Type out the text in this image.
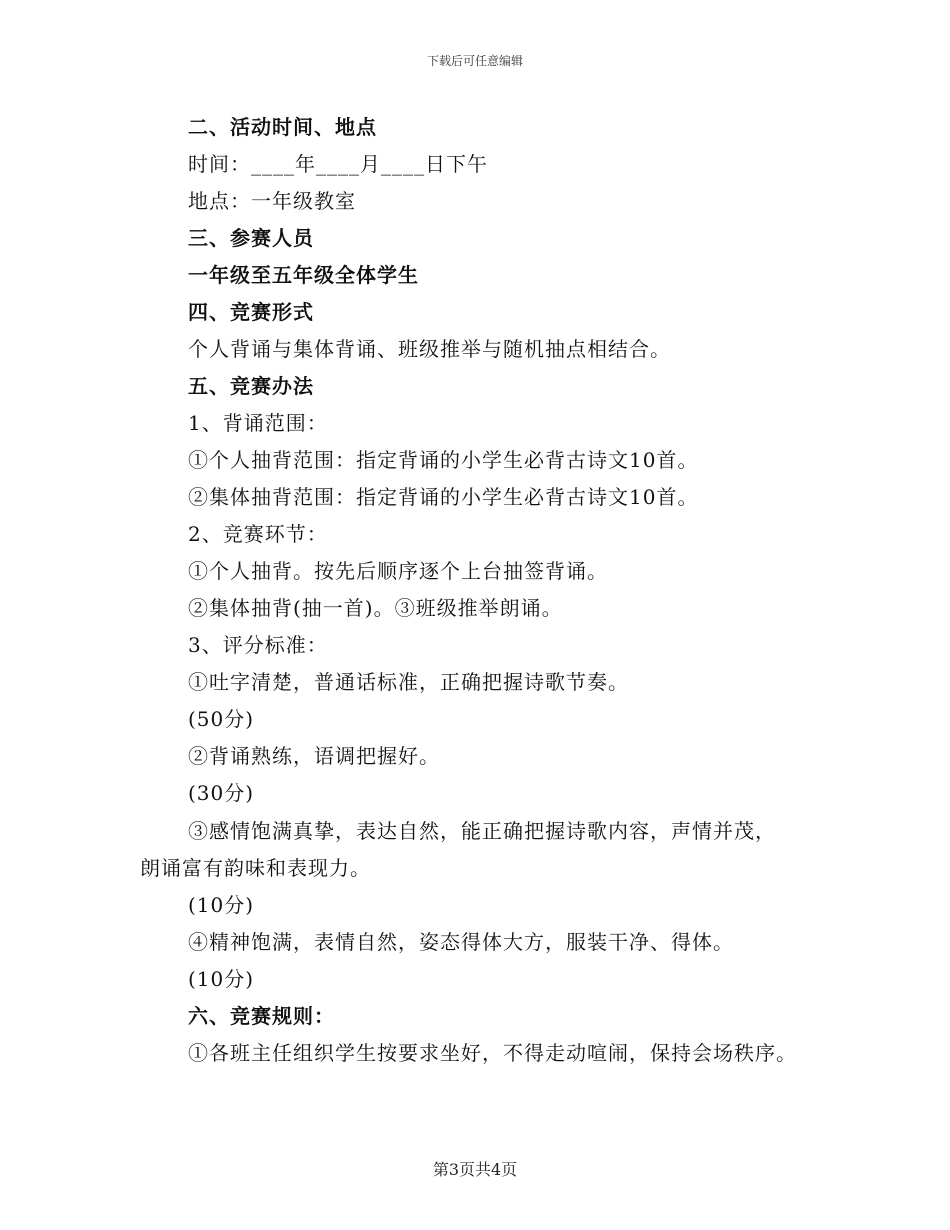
下载后可任意编辑
二、活动时间、地点
时间：____年____月____日下午
地点：一年级教室
三、参赛人员
一年级至五年级全体学生
四、竞赛形式
个人背诵与集体背诵、班级推举与随机抽点相结合。
五、竞赛办法
1、背诵范围：
①个人抽背范围：指定背诵的小学生必背古诗文10首。
②集体抽背范围：指定背诵的小学生必背古诗文10首。
2、竞赛环节：
①个人抽背。按先后顺序逐个上台抽签背诵。
②集体抽背(抽一首)。③班级推举朗诵。
3、评分标准：
①吐字清楚，普通话标准，正确把握诗歌节奏。
(50分)
②背诵熟练，语调把握好。
(30分)
③感情饱满真挚，表达自然，能正确把握诗歌内容，声情并茂，
朗诵富有韵味和表现力。
(10分)
④精神饱满，表情自然，姿态得体大方，服装干净、得体。
(10分)
六、竞赛规则：
①各班主任组织学生按要求坐好，不得走动喧闹，保持会场秩序。
第3页共4页
